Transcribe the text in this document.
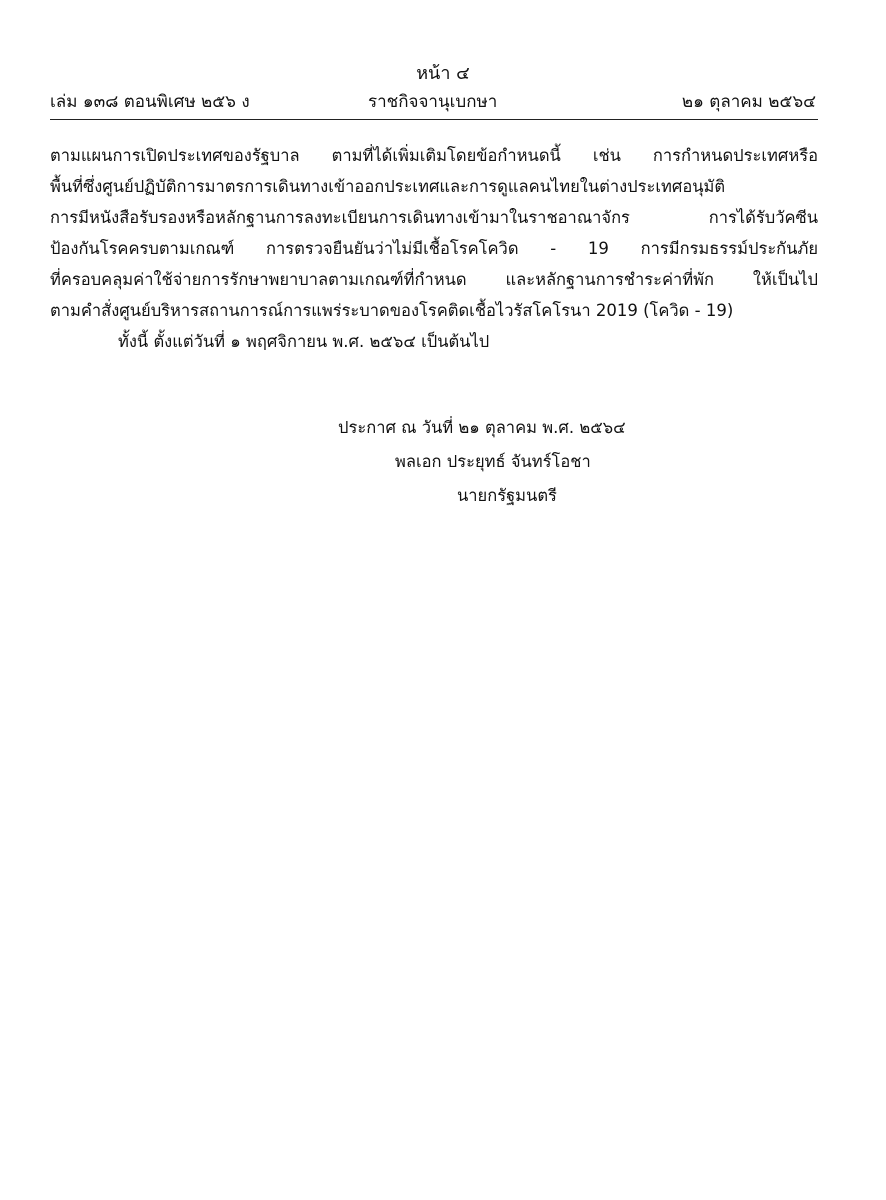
หน้า ๔
เล่ม ๑๓๘ ตอนพิเศษ ๒๕๖ ง	ราชกิจจานุเบกษา	๒๑ ตุลาคม ๒๕๖๔
ตามแผนการเปิดประเทศของรัฐบาล ตามที่ได้เพิ่มเติมโดยข้อกำหนดนี้ เช่น การกำหนดประเทศหรือ
พื้นที่ซึ่งศูนย์ปฏิบัติการมาตรการเดินทางเข้าออกประเทศและการดูแลคนไทยในต่างประเทศอนุมัติ
การมีหนังสือรับรองหรือหลักฐานการลงทะเบียนการเดินทางเข้ามาในราชอาณาจักร การได้รับวัคซีน
ป้องกันโรคครบตามเกณฑ์ การตรวจยืนยันว่าไม่มีเชื้อโรคโควิด - 19 การมีกรมธรรม์ประกันภัย
ที่ครอบคลุมค่าใช้จ่ายการรักษาพยาบาลตามเกณฑ์ที่กำหนด และหลักฐานการชำระค่าที่พัก ให้เป็นไป
ตามคำสั่งศูนย์บริหารสถานการณ์การแพร่ระบาดของโรคติดเชื้อไวรัสโคโรนา 2019 (โควิด - 19)
ทั้งนี้ ตั้งแต่วันที่ ๑ พฤศจิกายน พ.ศ. ๒๕๖๔ เป็นต้นไป
ประกาศ ณ วันที่ ๒๑ ตุลาคม พ.ศ. ๒๕๖๔
พลเอก ประยุทธ์ จันทร์โอชา
นายกรัฐมนตรี
